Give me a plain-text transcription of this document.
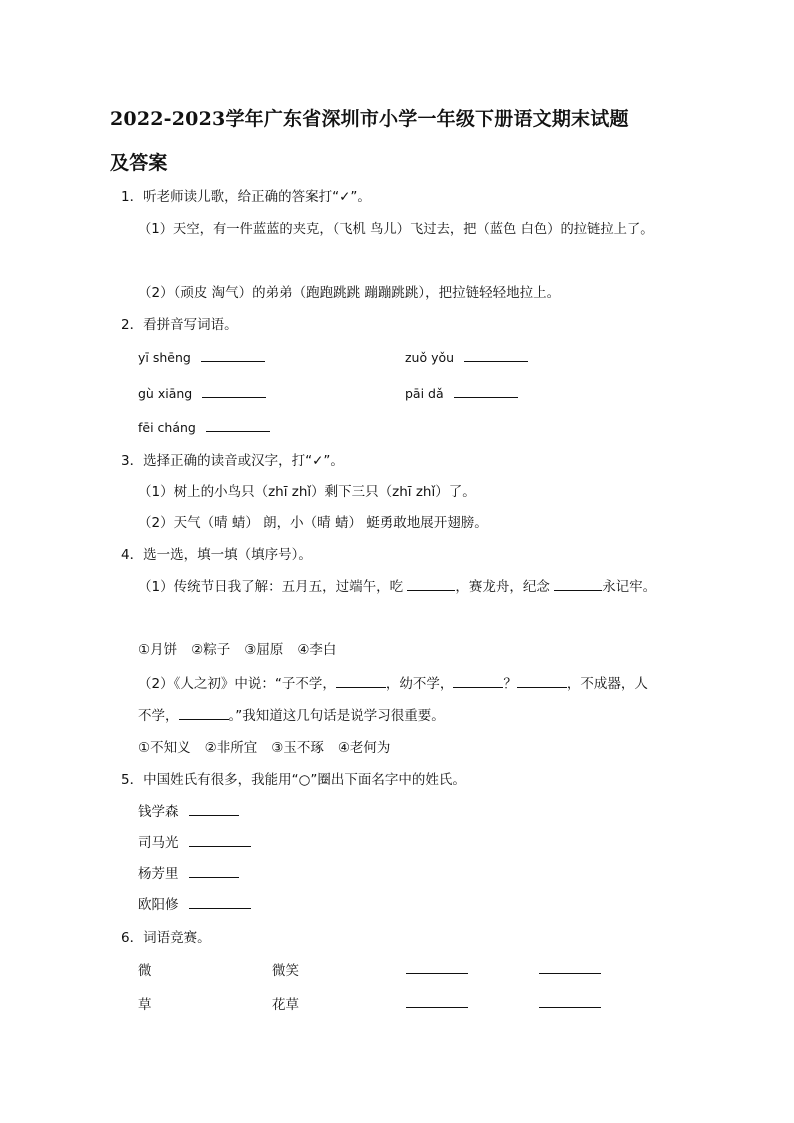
2022-2023学年广东省深圳市小学一年级下册语文期末试题
及答案
1．听老师读儿歌，给正确的答案打“✓”。
（1）天空，有一件蓝蓝的夹克，（飞机 鸟儿）飞过去，把（蓝色 白色）的拉链拉上了。
（2）（顽皮 淘气）的弟弟（跑跑跳跳 蹦蹦跳跳），把拉链轻轻地拉上。
2．看拼音写词语。
yī shēng	zuǒ yǒu
gù xiāng	pāi dǎ
fēi cháng
3．选择正确的读音或汉字，打“✓”。
（1）树上的小鸟只（zhī zhǐ）剩下三只（zhī zhǐ）了。
（2）天气（晴 蜻） 朗，小（晴 蜻） 蜓勇敢地展开翅膀。
4．选一选，填一填（填序号）。
（1）传统节日我了解：五月五，过端午，吃	，赛龙舟，纪念	永记牢。
①月饼 ②粽子 ③屈原 ④李白
（2）《人之初》中说：“子不学，	，幼不学，	？	，不成器，人
不学，	。”我知道这几句话是说学习很重要。
①不知义 ②非所宜 ③玉不琢 ④老何为
5．中国姓氏有很多，我能用“○”圈出下面名字中的姓氏。
钱学森
司马光
杨芳里
欧阳修
6．词语竞赛。
微	微笑
草	花草
